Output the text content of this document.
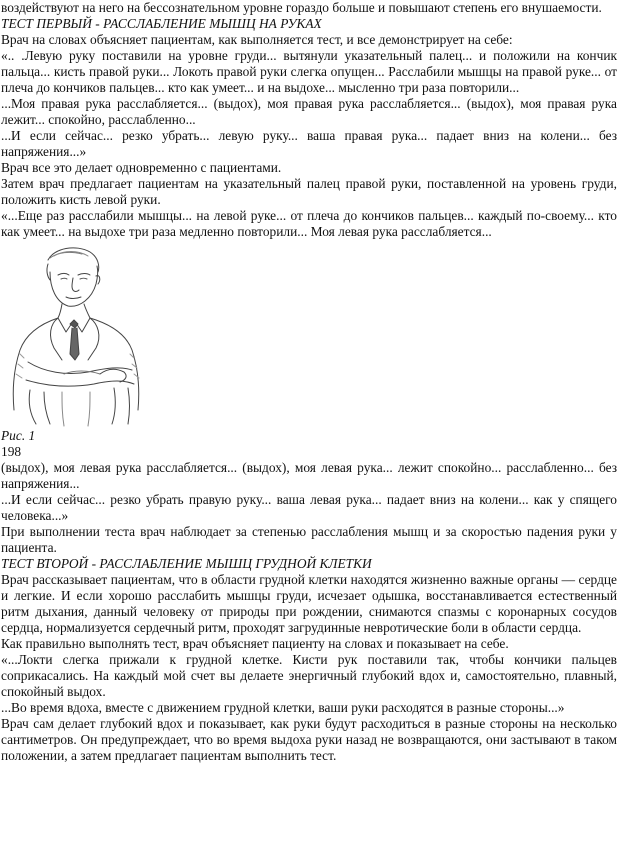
воздействуют на него на бессознательном уровне гораздо больше и повышают степень его внушаемости.

ТЕСТ ПЕРВЫЙ - РАССЛАБЛЕНИЕ МЫШЦ НА РУКАХ

Врач на словах объясняет пациентам, как выполняется тест, и все демонстрирует на себе:

«.. .Левую руку поставили на уровне груди... вытянули указательный палец... и положили на кончик пальца... кисть правой руки... Локоть правой руки слегка опущен... Расслабили мышцы на правой руке... от плеча до кончиков пальцев... кто как умеет... и на выдохе... мысленно три раза повторили...

...Моя правая рука расслабляется... (выдох), моя правая рука расслабляется... (выдох), моя правая рука лежит... спокойно, расслабленно...

...И если сейчас... резко убрать... левую руку... ваша правая рука... падает вниз на колени... без напряжения...»

Врач все это делает одновременно с пациентами.

Затем врач предлагает пациентам на указательный палец правой руки, поставленной на уровень груди, положить кисть левой руки.

«...Еще раз расслабили мышцы... на левой руке... от плеча до кончиков пальцев... каждый по-своему... кто как умеет... на выдохе три раза медленно повторили... Моя левая рука расслабляется...

Рис. 1

198

(выдох), моя левая рука расслабляется... (выдох), моя левая рука... лежит спокойно... расслабленно... без напряжения...

...И если сейчас... резко убрать правую руку... ваша левая рука... падает вниз на колени... как у спящего человека...»

При выполнении теста врач наблюдает за степенью расслабления мышц и за скоростью падения руки у пациента.

ТЕСТ ВТОРОЙ - РАССЛАБЛЕНИЕ МЫШЦ ГРУДНОЙ КЛЕТКИ

Врач рассказывает пациентам, что в области грудной клетки находятся жизненно важные органы — сердце и легкие. И если хорошо расслабить мышцы груди, исчезает одышка, восстанавливается естественный ритм дыхания, данный человеку от природы при рождении, снимаются спазмы с коронарных сосудов сердца, нормализуется сердечный ритм, проходят загрудинные невротические боли в области сердца.

Как правильно выполнять тест, врач объясняет пациенту на словах и показывает на себе.

«...Локти слегка прижали к грудной клетке. Кисти рук поставили так, чтобы кончики пальцев соприкасались. На каждый мой счет вы делаете энергичный глубокий вдох и, самостоятельно, плавный, спокойный выдох.

...Во время вдоха, вместе с движением грудной клетки, ваши руки расходятся в разные стороны...»

Врач сам делает глубокий вдох и показывает, как руки будут расходиться в разные стороны на несколько сантиметров. Он предупреждает, что во время выдоха руки назад не возвращаются, они застывают в таком положении, а затем предлагает пациентам выполнить тест.
